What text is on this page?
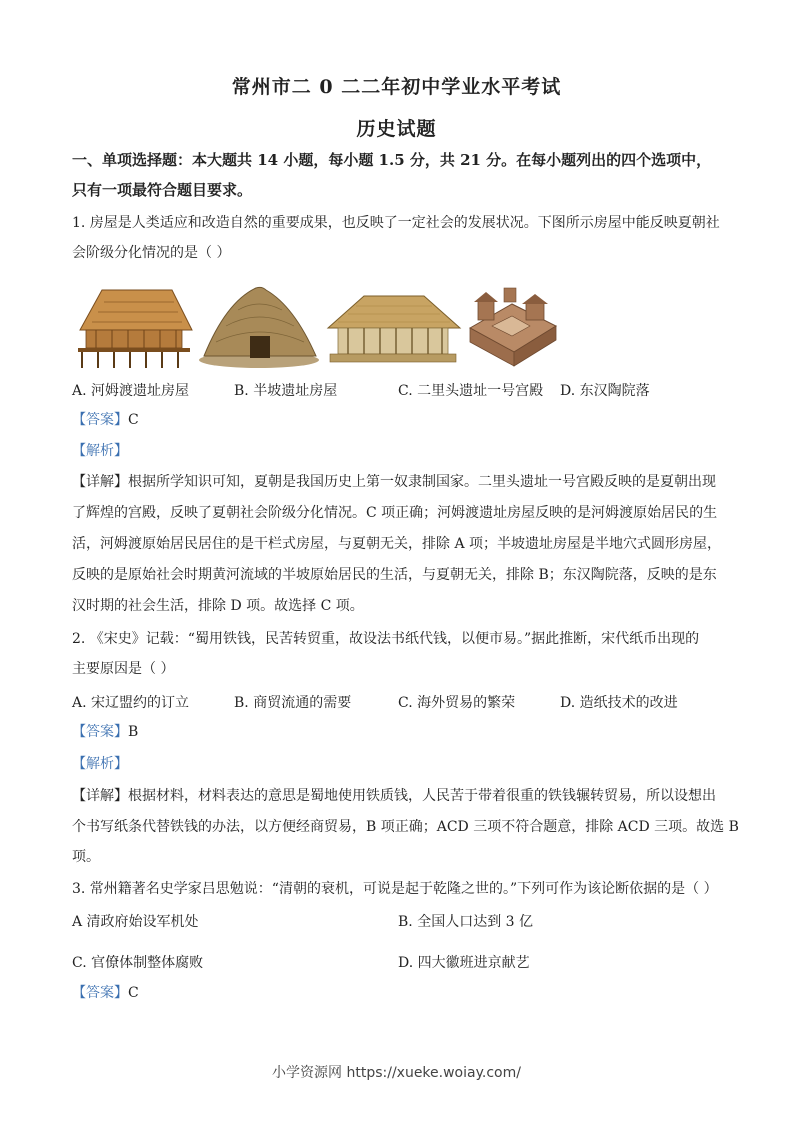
常州市二 0 二二年初中学业水平考试
历史试题
一、单项选择题：本大题共 14 小题，每小题 1.5 分，共 21 分。在每小题列出的四个选项中，
只有一项最符合题目要求。
1. 房屋是人类适应和改造自然的重要成果，也反映了一定社会的发展状况。下图所示房屋中能反映夏朝社
会阶级分化情况的是（ ）
A. 河姆渡遗址房屋	B. 半坡遗址房屋	C. 二里头遗址一号宫殿 D. 东汉陶院落
【答案】C
【解析】
【详解】根据所学知识可知，夏朝是我国历史上第一奴隶制国家。二里头遗址一号宫殿反映的是夏朝出现
了辉煌的宫殿，反映了夏朝社会阶级分化情况。C 项正确；河姆渡遗址房屋反映的是河姆渡原始居民的生
活，河姆渡原始居民居住的是干栏式房屋，与夏朝无关，排除 A 项；半坡遗址房屋是半地穴式圆形房屋，
反映的是原始社会时期黄河流域的半坡原始居民的生活，与夏朝无关，排除 B；东汉陶院落，反映的是东
汉时期的社会生活，排除 D 项。故选择 C 项。
2. 《宋史》记载：“蜀用铁钱，民苦转贸重，故设法书纸代钱，以便市易。”据此推断，宋代纸币出现的
主要原因是（ ）
A. 宋辽盟约的订立	B. 商贸流通的需要	C. 海外贸易的繁荣	D. 造纸技术的改进
【答案】B
【解析】
【详解】根据材料，材料表达的意思是蜀地使用铁质钱，人民苦于带着很重的铁钱辗转贸易，所以设想出
个书写纸条代替铁钱的办法，以方便经商贸易，B 项正确；ACD 三项不符合题意，排除 ACD 三项。故选 B
项。
3. 常州籍著名史学家吕思勉说：“清朝的衰机，可说是起于乾隆之世的。”下列可作为该论断依据的是（ ）
A 清政府始设军机处	B. 全国人口达到 3 亿
C. 官僚体制整体腐败	D. 四大徽班进京献艺
【答案】C
小学资源网 https://xueke.woiay.com/
